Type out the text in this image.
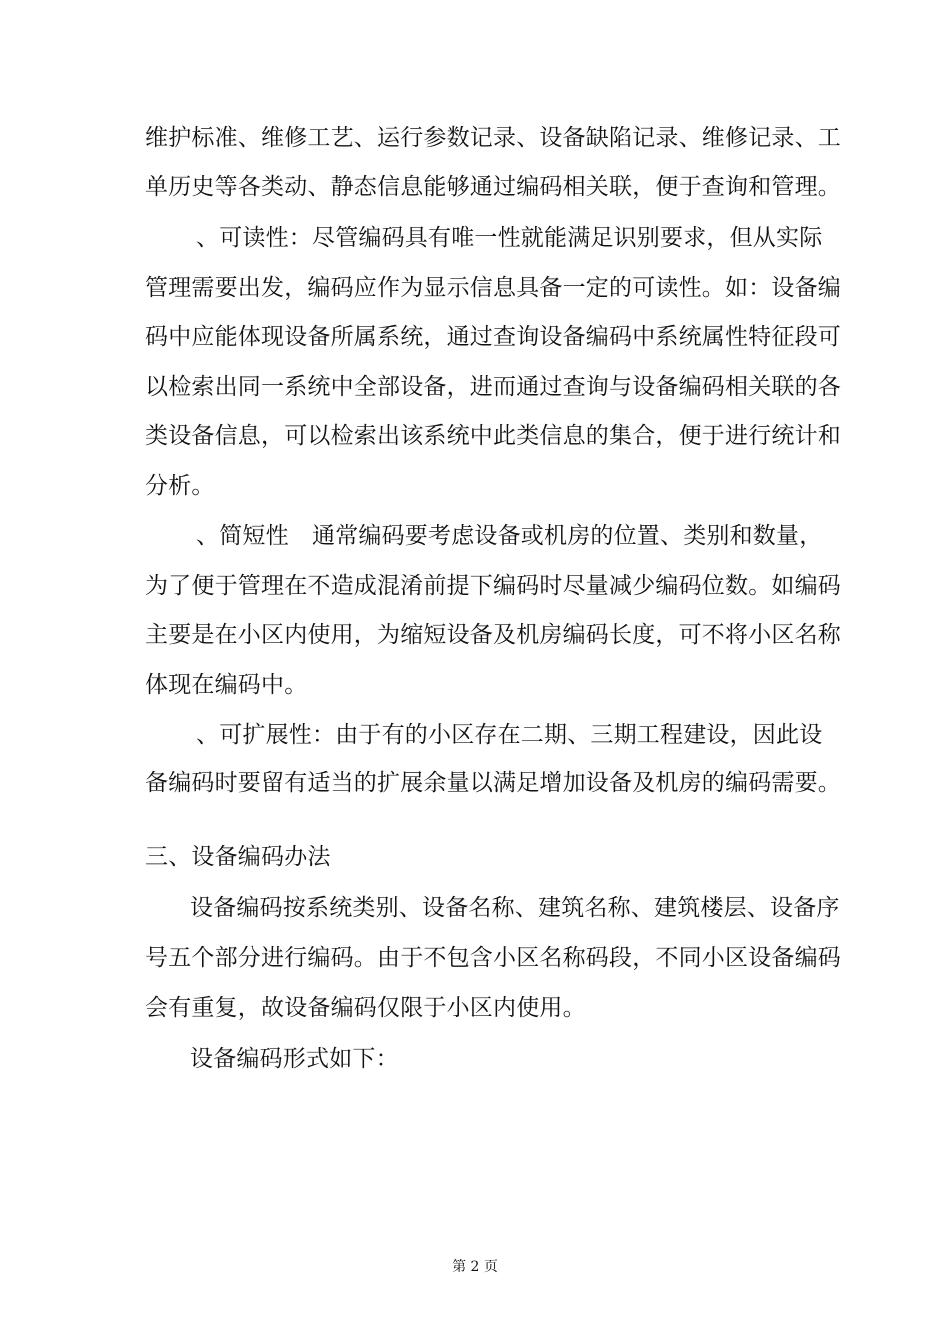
维护标准、维修工艺、运行参数记录、设备缺陷记录、维修记录、工
单历史等各类动、静态信息能够通过编码相关联，便于查询和管理。
、可读性：尽管编码具有唯一性就能满足识别要求，但从实际
管理需要出发，编码应作为显示信息具备一定的可读性。如：设备编
码中应能体现设备所属系统，通过查询设备编码中系统属性特征段可
以检索出同一系统中全部设备，进而通过查询与设备编码相关联的各
类设备信息，可以检索出该系统中此类信息的集合，便于进行统计和
分析。
、简短性　通常编码要考虑设备或机房的位置、类别和数量，
为了便于管理在不造成混淆前提下编码时尽量减少编码位数。如编码
主要是在小区内使用，为缩短设备及机房编码长度，可不将小区名称
体现在编码中。
、可扩展性：由于有的小区存在二期、三期工程建设，因此设
备编码时要留有适当的扩展余量以满足增加设备及机房的编码需要。
三、设备编码办法
设备编码按系统类别、设备名称、建筑名称、建筑楼层、设备序
号五个部分进行编码。由于不包含小区名称码段，不同小区设备编码
会有重复，故设备编码仅限于小区内使用。
设备编码形式如下：
第 2 页
